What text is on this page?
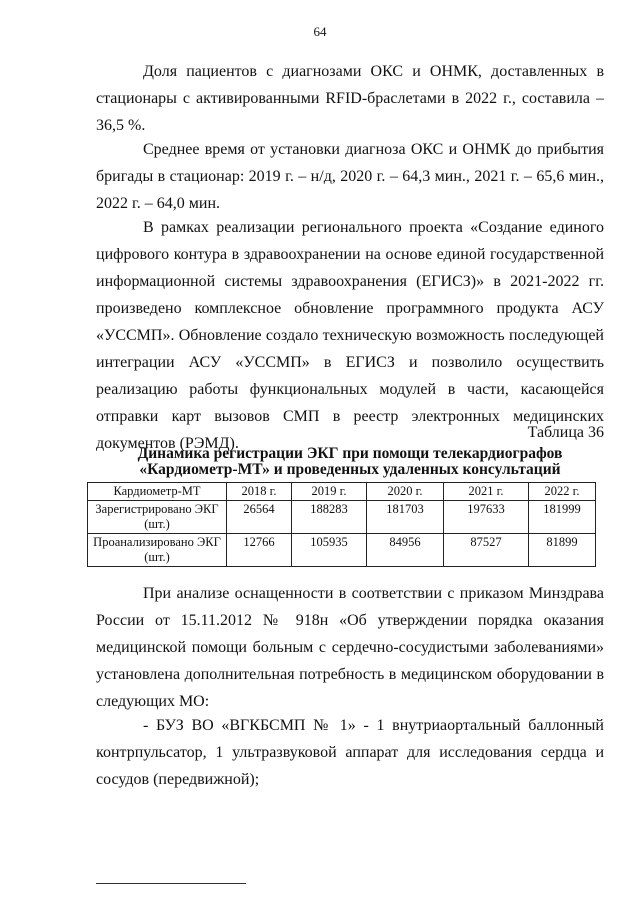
64

Доля пациентов с диагнозами ОКС и ОНМК, доставленных в стационары с активированными RFID-браслетами в 2022 г., составила – 36,5 %.

Среднее время от установки диагноза ОКС и ОНМК до прибытия бригады в стационар: 2019 г. – н/д, 2020 г. – 64,3 мин., 2021 г. – 65,6 мин., 2022 г. – 64,0 мин.

В рамках реализации регионального проекта «Создание единого цифрового контура в здравоохранении на основе единой государственной информационной системы здравоохранения (ЕГИСЗ)» в 2021-2022 гг. произведено комплексное обновление программного продукта АСУ «УССМП». Обновление создало техническую возможность последующей интеграции АСУ «УССМП» в ЕГИСЗ и позволило осуществить реализацию работы функциональных модулей в части, касающейся отправки карт вызовов СМП в реестр электронных медицинских документов (РЭМД).

Таблица 36
Динамика регистрации ЭКГ при помощи телекардиографов
«Кардиометр-МТ» и проведенных удаленных консультаций
Кардиометр-МТ	2018 г.	2019 г.	2020 г.	2021 г.	2022 г.
Зарегистрировано ЭКГ (шт.)	26564	188283	181703	197633	181999
Проанализировано ЭКГ (шт.)	12766	105935	84956	87527	81899

При анализе оснащенности в соответствии с приказом Минздрава России от 15.11.2012 № 918н «Об утверждении порядка оказания медицинской помощи больным с сердечно-сосудистыми заболеваниями» установлена дополнительная потребность в медицинском оборудовании в следующих МО:

- БУЗ ВО «ВГКБСМП № 1» - 1 внутриаортальный баллонный контрпульсатор, 1 ультразвуковой аппарат для исследования сердца и сосудов (передвижной);
